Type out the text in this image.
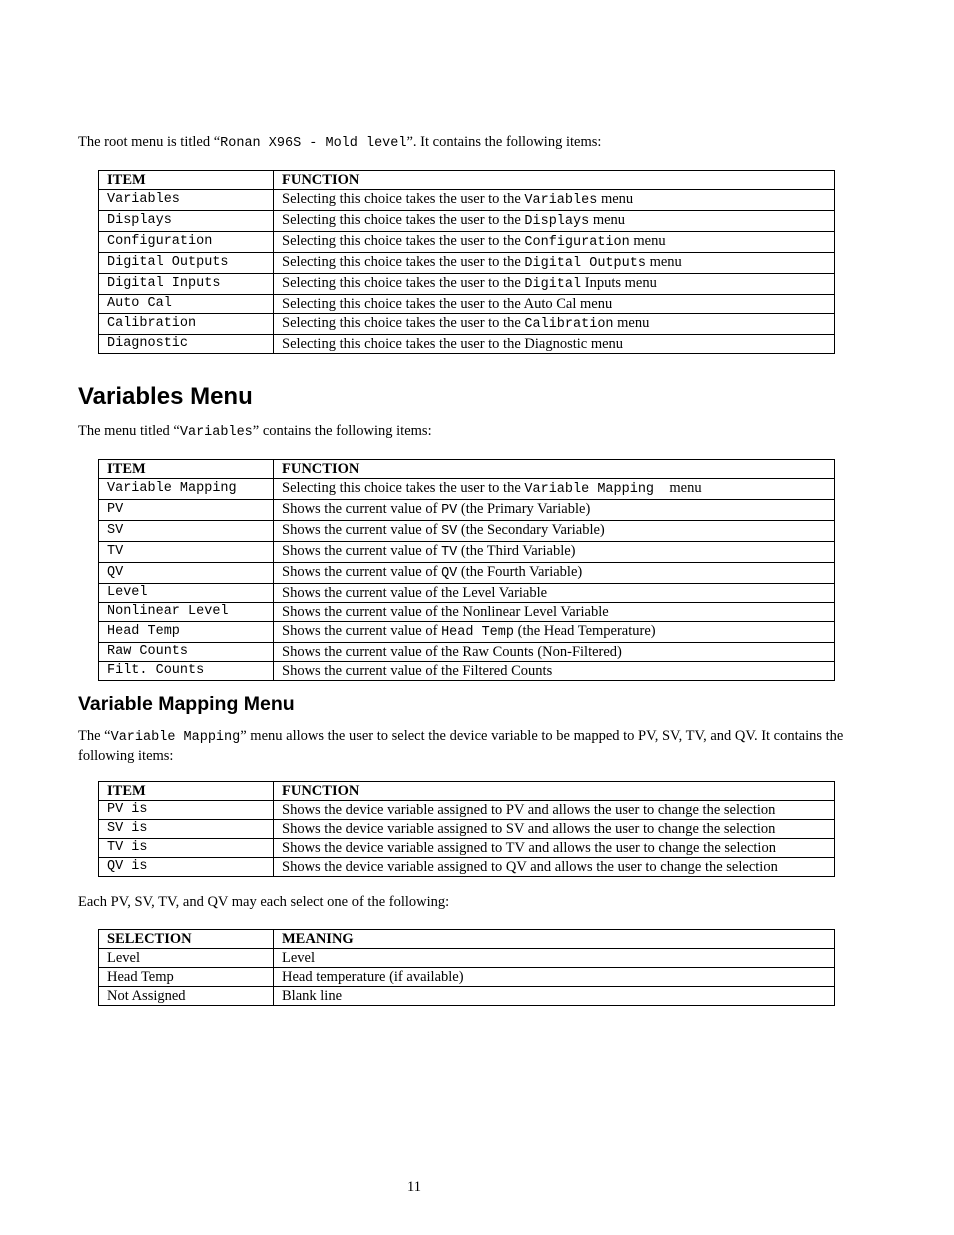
The root menu is titled “Ronan X96S - Mold level”. It contains the following items:

ITEM	FUNCTION
Variables	Selecting this choice takes the user to the Variables menu
Displays	Selecting this choice takes the user to the Displays menu
Configuration	Selecting this choice takes the user to the Configuration menu
Digital Outputs	Selecting this choice takes the user to the Digital Outputs menu
Digital Inputs	Selecting this choice takes the user to the Digital Inputs menu
Auto Cal	Selecting this choice takes the user to the Auto Cal menu
Calibration	Selecting this choice takes the user to the Calibration menu
Diagnostic	Selecting this choice takes the user to the Diagnostic menu
Variables Menu

The menu titled “Variables” contains the following items:

ITEM	FUNCTION
Variable Mapping	Selecting this choice takes the user to the Variable Mapping   menu
PV	Shows the current value of PV (the Primary Variable)
SV	Shows the current value of SV (the Secondary Variable)
TV	Shows the current value of TV (the Third Variable)
QV	Shows the current value of QV (the Fourth Variable)
Level	Shows the current value of the Level Variable
Nonlinear Level	Shows the current value of the Nonlinear Level Variable
Head Temp	Shows the current value of Head Temp (the Head Temperature)
Raw Counts	Shows the current value of the Raw Counts (Non-Filtered)
Filt. Counts	Shows the current value of the Filtered Counts
Variable Mapping Menu

The “Variable Mapping” menu allows the user to select the device variable to be mapped to PV, SV, TV, and QV. It contains the following items:

ITEM	FUNCTION
PV is	Shows the device variable assigned to PV and allows the user to change the selection
SV is	Shows the device variable assigned to SV and allows the user to change the selection
TV is	Shows the device variable assigned to TV and allows the user to change the selection
QV is	Shows the device variable assigned to QV and allows the user to change the selection

Each PV, SV, TV, and QV may each select one of the following:

SELECTION	MEANING
Level	Level
Head Temp	Head temperature (if available)
Not Assigned	Blank line
11
